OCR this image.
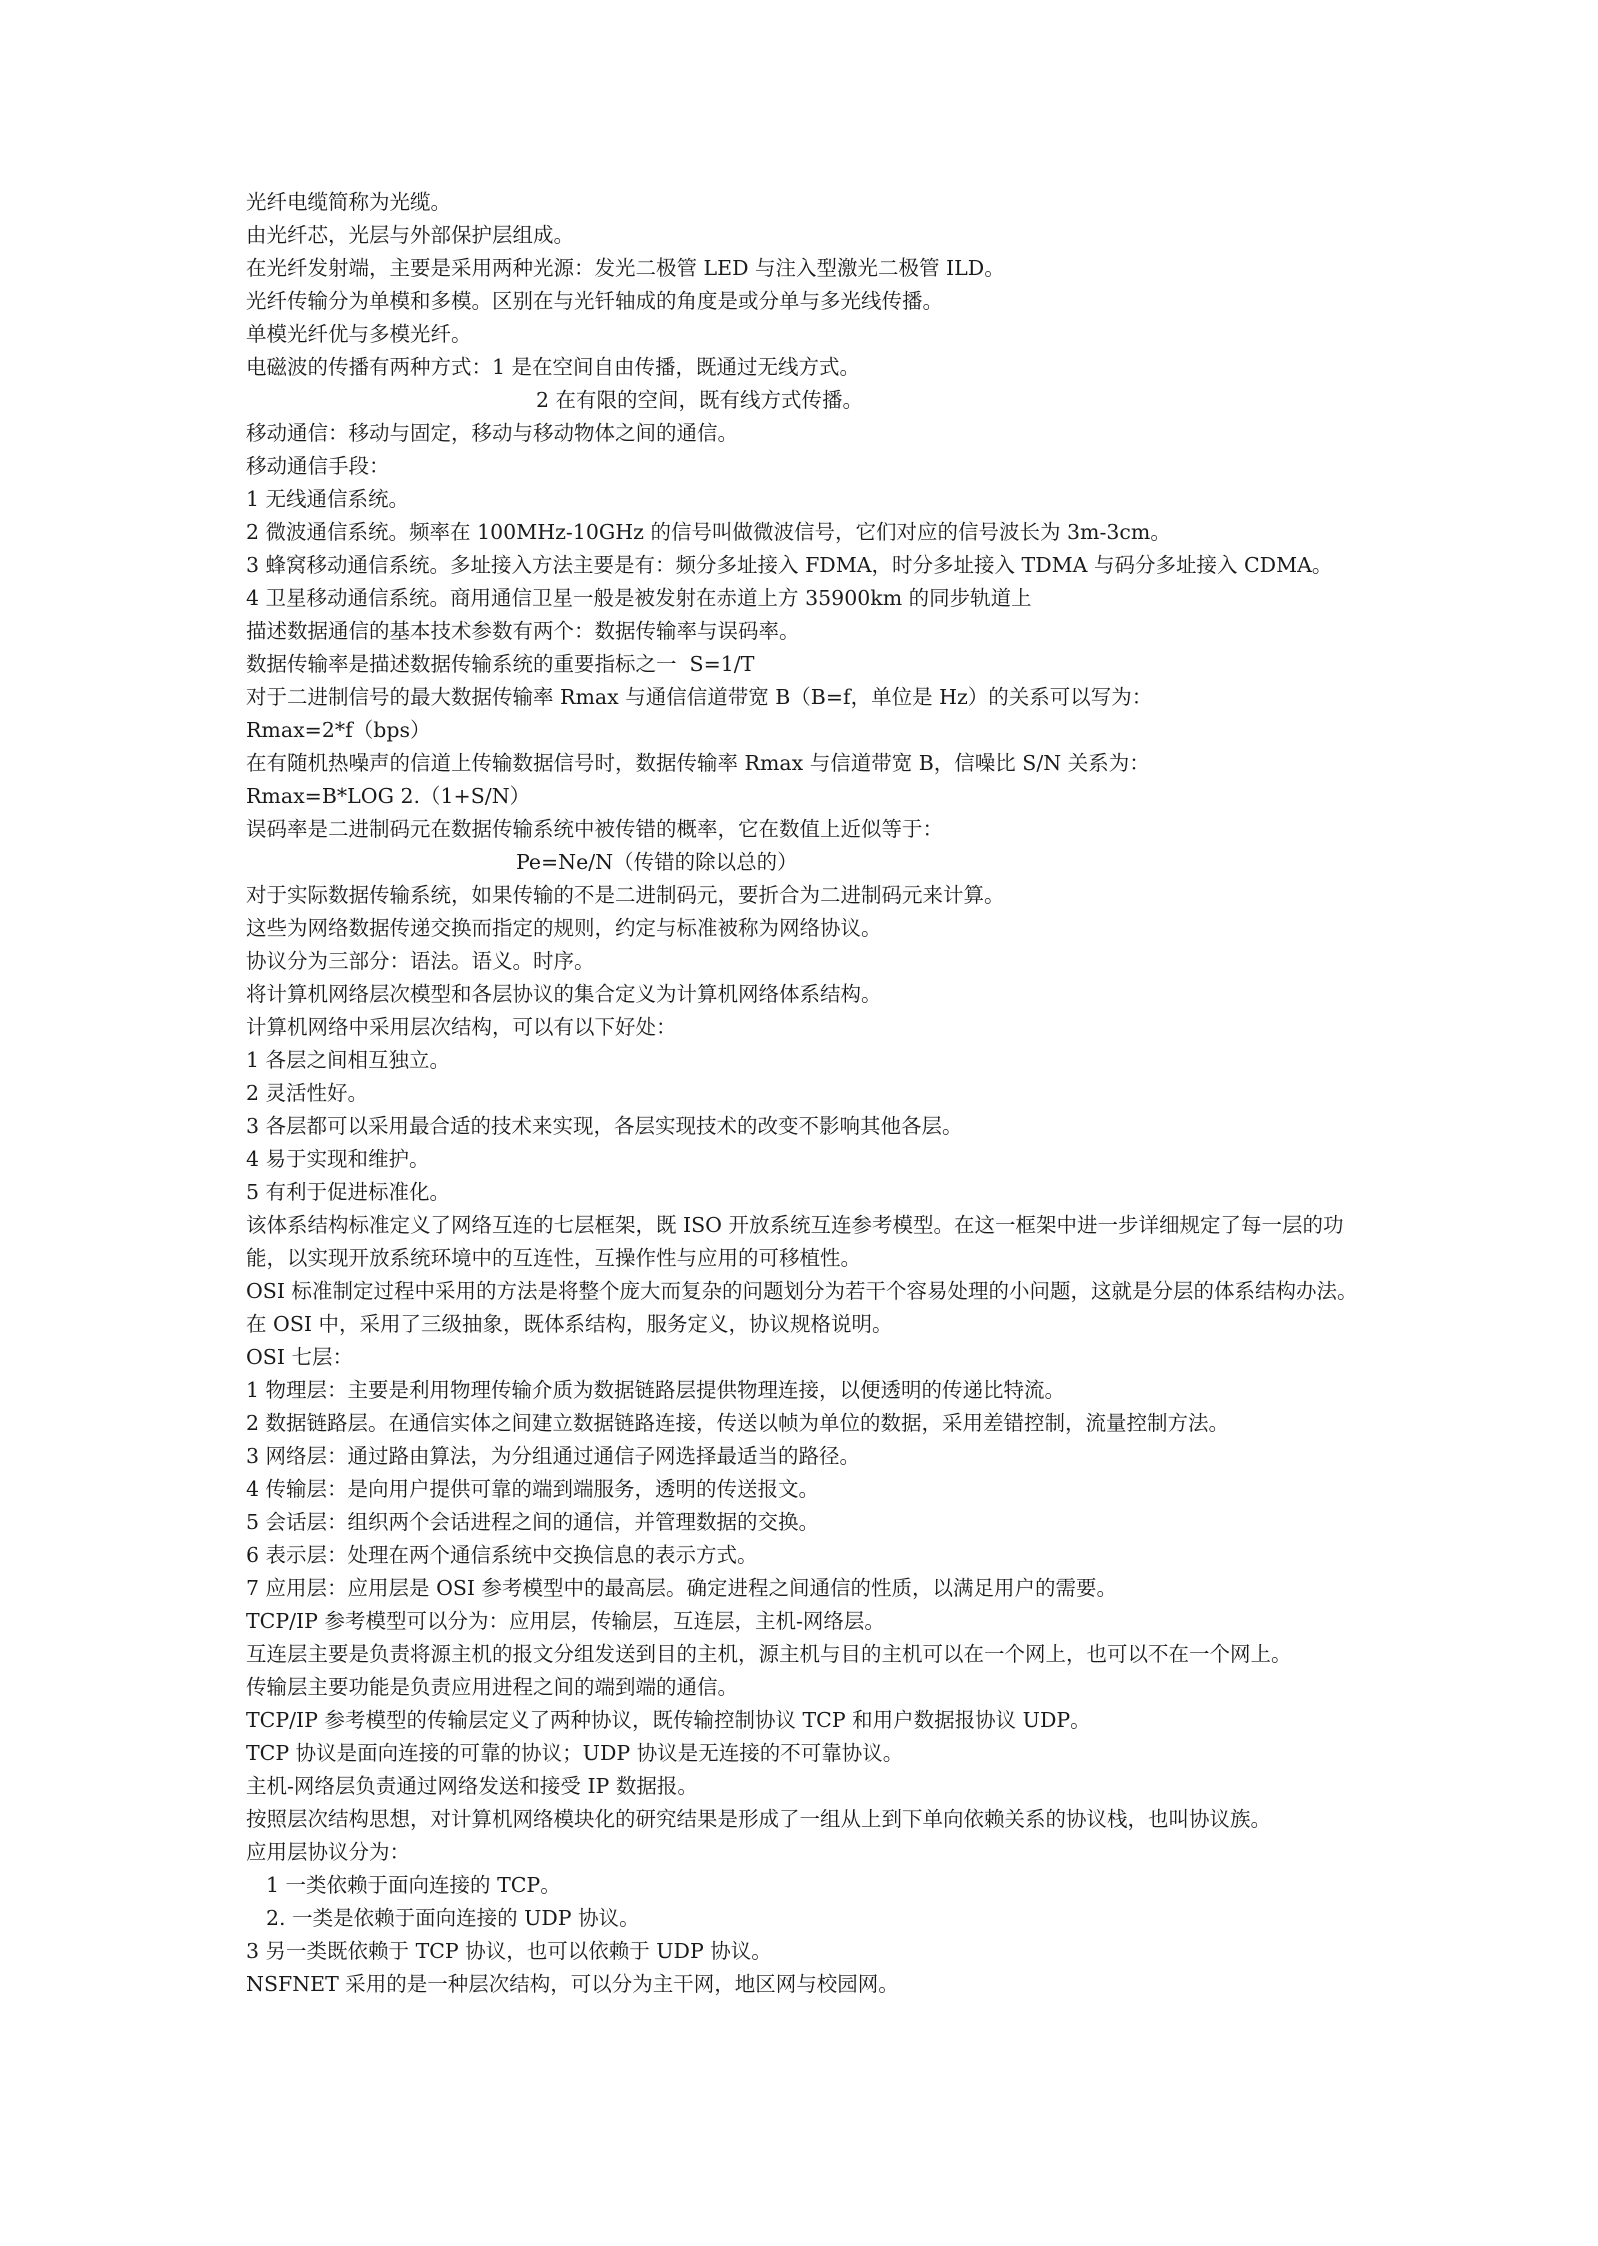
光纤电缆简称为光缆。

由光纤芯，光层与外部保护层组成。

在光纤发射端，主要是采用两种光源：发光二极管 LED 与注入型激光二极管 ILD。

光纤传输分为单模和多模。区别在与光钎轴成的角度是或分单与多光线传播。

单模光纤优与多模光纤。

电磁波的传播有两种方式：1 是在空间自由传播，既通过无线方式。

2 在有限的空间，既有线方式传播。

移动通信：移动与固定，移动与移动物体之间的通信。

移动通信手段：

1 无线通信系统。

2 微波通信系统。频率在 100MHz-10GHz 的信号叫做微波信号，它们对应的信号波长为 3m-3cm。

3 蜂窝移动通信系统。多址接入方法主要是有：频分多址接入 FDMA，时分多址接入 TDMA 与码分多址接入 CDMA。

4 卫星移动通信系统。商用通信卫星一般是被发射在赤道上方 35900km 的同步轨道上

描述数据通信的基本技术参数有两个：数据传输率与误码率。

数据传输率是描述数据传输系统的重要指标之一  S=1/T

对于二进制信号的最大数据传输率 Rmax 与通信信道带宽 B（B=f，单位是 Hz）的关系可以写为：

Rmax=2*f（bps）

在有随机热噪声的信道上传输数据信号时，数据传输率 Rmax 与信道带宽 B，信噪比 S/N 关系为：

Rmax=B*LOG 2.（1+S/N）

误码率是二进制码元在数据传输系统中被传错的概率，它在数值上近似等于：

Pe=Ne/N（传错的除以总的）

对于实际数据传输系统，如果传输的不是二进制码元，要折合为二进制码元来计算。

这些为网络数据传递交换而指定的规则，约定与标准被称为网络协议。

协议分为三部分：语法。语义。时序。

将计算机网络层次模型和各层协议的集合定义为计算机网络体系结构。

计算机网络中采用层次结构，可以有以下好处：

1 各层之间相互独立。

2 灵活性好。

3 各层都可以采用最合适的技术来实现，各层实现技术的改变不影响其他各层。

4 易于实现和维护。

5 有利于促进标准化。

该体系结构标准定义了网络互连的七层框架，既 ISO 开放系统互连参考模型。在这一框架中进一步详细规定了每一层的功能，以实现开放系统环境中的互连性，互操作性与应用的可移植性。

OSI 标准制定过程中采用的方法是将整个庞大而复杂的问题划分为若干个容易处理的小问题，这就是分层的体系结构办法。在 OSI 中，采用了三级抽象，既体系结构，服务定义，协议规格说明。

OSI 七层：

1 物理层：主要是利用物理传输介质为数据链路层提供物理连接，以便透明的传递比特流。

2 数据链路层。在通信实体之间建立数据链路连接，传送以帧为单位的数据，采用差错控制，流量控制方法。

3 网络层：通过路由算法，为分组通过通信子网选择最适当的路径。

4 传输层：是向用户提供可靠的端到端服务，透明的传送报文。

5 会话层：组织两个会话进程之间的通信，并管理数据的交换。

6 表示层：处理在两个通信系统中交换信息的表示方式。

7 应用层：应用层是 OSI 参考模型中的最高层。确定进程之间通信的性质，以满足用户的需要。

TCP/IP 参考模型可以分为：应用层，传输层，互连层，主机-网络层。

互连层主要是负责将源主机的报文分组发送到目的主机，源主机与目的主机可以在一个网上，也可以不在一个网上。

传输层主要功能是负责应用进程之间的端到端的通信。

TCP/IP 参考模型的传输层定义了两种协议，既传输控制协议 TCP 和用户数据报协议 UDP。

TCP 协议是面向连接的可靠的协议；UDP 协议是无连接的不可靠协议。

主机-网络层负责通过网络发送和接受 IP 数据报。

按照层次结构思想，对计算机网络模块化的研究结果是形成了一组从上到下单向依赖关系的协议栈，也叫协议族。

应用层协议分为：

1 一类依赖于面向连接的 TCP。

2. 一类是依赖于面向连接的 UDP 协议。

3 另一类既依赖于 TCP 协议，也可以依赖于 UDP 协议。

NSFNET 采用的是一种层次结构，可以分为主干网，地区网与校园网。
